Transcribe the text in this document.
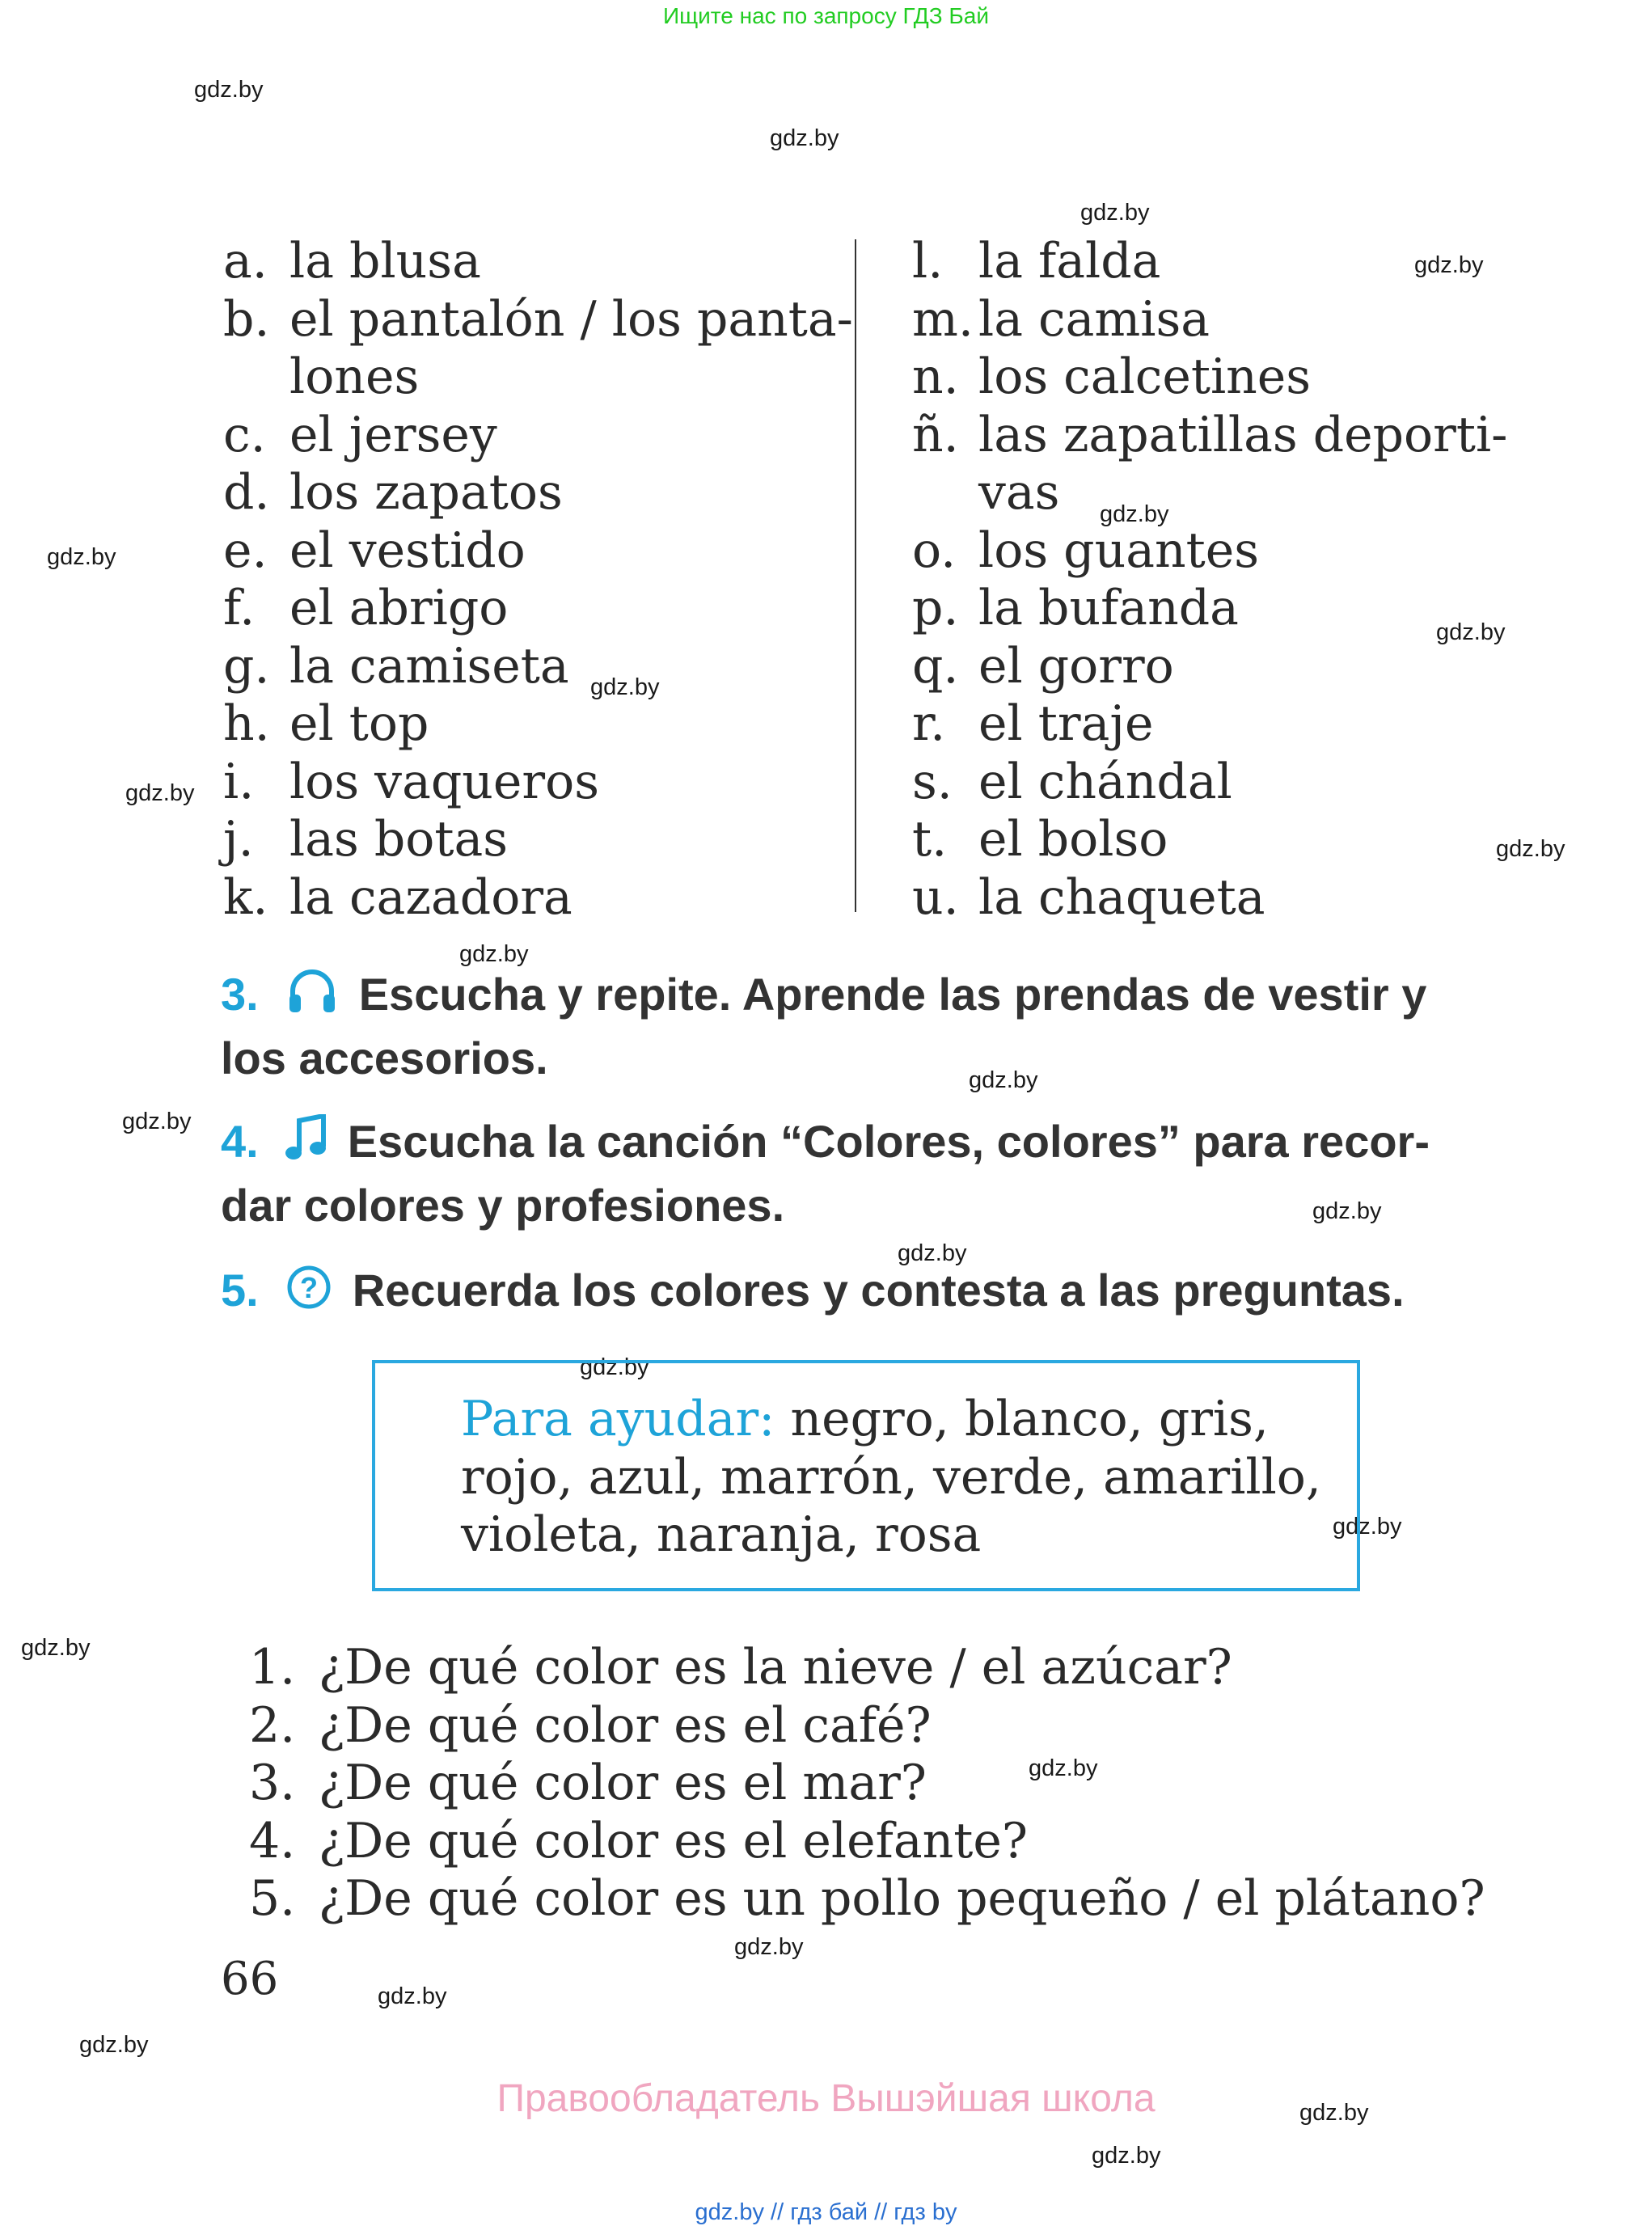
Ищите нас по запросу ГДЗ Бай
gdz.by
gdz.by
gdz.by
gdz.by
gdz.by
gdz.by
gdz.by
gdz.by
gdz.by
gdz.by
gdz.by
gdz.by
gdz.by
gdz.by
gdz.by
gdz.by
gdz.by
gdz.by
gdz.by
gdz.by
gdz.by
gdz.by
gdz.by
gdz.by
a. la blusa
b. el pantalón / los panta-
lones
c. el jersey
d. los zapatos
e. el vestido
f. el abrigo
g. la camiseta
h. el top
i. los vaqueros
j. las botas
k. la cazadora
l. la falda
m. la camisa
n. los calcetines
ñ. las zapatillas deporti-
vas
o. los guantes
p. la bufanda
q. el gorro
r. el traje
s. el chándal
t. el bolso
u. la chaqueta
3. Escucha y repite. Aprende las prendas de vestir y
los accesorios.
4. Escucha la canción “Colores, colores” para recor-
dar colores y profesiones.
5. ? Recuerda los colores y contesta a las preguntas.
Para ayudar: negro, blanco, gris,
rojo, azul, marrón, verde, amarillo,
violeta, naranja, rosa
1. ¿De qué color es la nieve / el azúcar?
2. ¿De qué color es el café?
3. ¿De qué color es el mar?
4. ¿De qué color es el elefante?
5. ¿De qué color es un pollo pequeño / el plátano?
66
Правообладатель Вышэйшая школа
gdz.by // гдз бай // гдз by
